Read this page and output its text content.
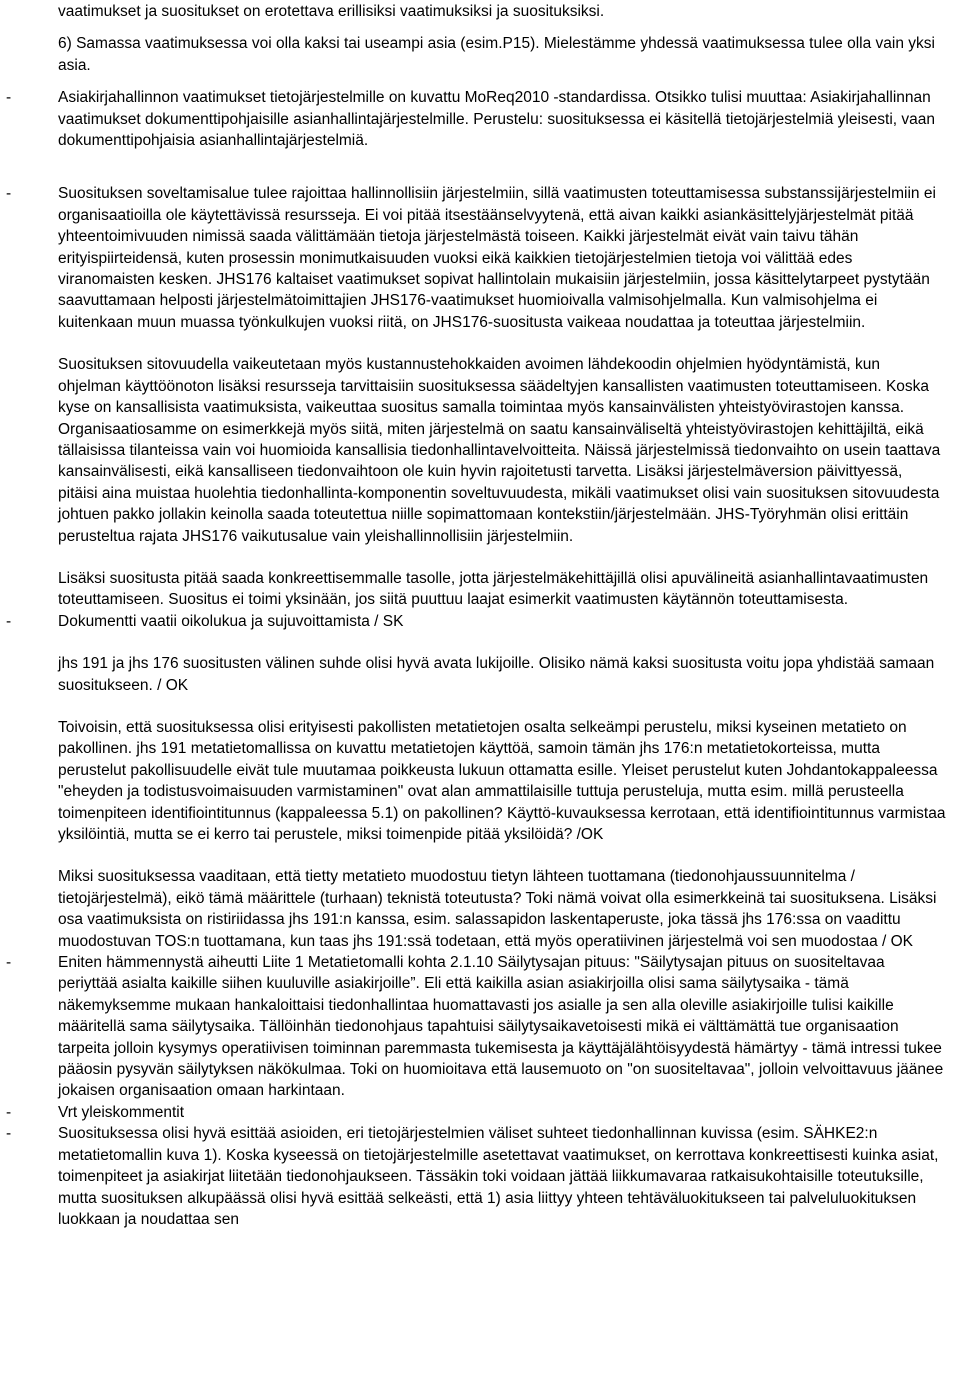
vaatimukset ja suositukset on erotettava erillisiksi vaatimuksiksi ja suosituksiksi.

6) Samassa vaatimuksessa voi olla kaksi tai useampi asia (esim.P15). Mielestämme yhdessä vaatimuksessa tulee olla vain yksi asia.

-	Asiakirjahallinnon vaatimukset tietojärjestelmille on kuvattu MoReq2010 -standardissa. Otsikko tulisi muuttaa: Asiakirjahallinnan vaatimukset dokumenttipohjaisille asianhallintajärjestelmille. Perustelu: suosituksessa ei käsitellä tietojärjestelmiä yleisesti, vaan dokumenttipohjaisia asianhallintajärjestelmiä.
-	Suosituksen soveltamisalue tulee rajoittaa hallinnollisiin järjestelmiin, sillä vaatimusten toteuttamisessa substanssijärjestelmiin ei organisaatioilla ole käytettävissä resursseja. Ei voi pitää itsestäänselvyytenä, että aivan kaikki asiankäsittelyjärjestelmät pitää yhteentoimivuuden nimissä saada välittämään tietoja järjestelmästä toiseen. Kaikki järjestelmät eivät vain taivu tähän erityispiirteidensä, kuten prosessin monimutkaisuuden vuoksi eikä kaikkien tietojärjestelmien tietoja voi välittää edes viranomaisten kesken. JHS176 kaltaiset vaatimukset sopivat hallintolain mukaisiin järjestelmiin, jossa käsittelytarpeet pystytään saavuttamaan helposti järjestelmätoimittajien JHS176-vaatimukset huomioivalla valmisohjelmalla. Kun valmisohjelma ei kuitenkaan muun muassa työnkulkujen vuoksi riitä, on JHS176-suositusta vaikeaa noudattaa ja toteuttaa järjestelmiin.

Suosituksen sitovuudella vaikeutetaan myös kustannustehokkaiden avoimen lähdekoodin ohjelmien hyödyntämistä, kun ohjelman käyttöönoton lisäksi resursseja tarvittaisiin suosituksessa säädeltyjen kansallisten vaatimusten toteuttamiseen. Koska kyse on kansallisista vaatimuksista, vaikeuttaa suositus samalla toimintaa myös kansainvälisten yhteistyövirastojen kanssa. Organisaatiosamme on esimerkkejä myös siitä, miten järjestelmä on saatu kansainväliseltä yhteistyövirastojen kehittäjiltä, eikä tällaisissa tilanteissa vain voi huomioida kansallisia tiedonhallintavelvoitteita. Näissä järjestelmissä tiedonvaihto on usein taattava kansainvälisesti, eikä kansalliseen tiedonvaihtoon ole kuin hyvin rajoitetusti tarvetta. Lisäksi järjestelmäversion päivittyessä, pitäisi aina muistaa huolehtia tiedonhallinta-komponentin soveltuvuudesta, mikäli vaatimukset olisi vain suosituksen sitovuudesta johtuen pakko jollakin keinolla saada toteutettua niille sopimattomaan kontekstiin/järjestelmään. JHS-Työryhmän olisi erittäin perusteltua rajata JHS176 vaikutusalue vain yleishallinnollisiin järjestelmiin.

Lisäksi suositusta pitää saada konkreettisemmalle tasolle, jotta järjestelmäkehittäjillä olisi apuvälineitä asianhallintavaatimusten toteuttamiseen. Suositus ei toimi yksinään, jos siitä puuttuu laajat esimerkit vaatimusten käytännön toteuttamisesta.

-	Dokumentti vaatii oikolukua ja sujuvoittamista / SK

jhs 191 ja jhs 176 suositusten välinen suhde olisi hyvä avata lukijoille. Olisiko nämä kaksi suositusta voitu jopa yhdistää samaan suositukseen. / OK

Toivoisin, että suosituksessa olisi erityisesti pakollisten metatietojen osalta selkeämpi perustelu, miksi kyseinen metatieto on pakollinen. jhs 191 metatietomallissa on kuvattu metatietojen käyttöä, samoin tämän jhs 176:n metatietokorteissa, mutta perustelut pakollisuudelle eivät tule muutamaa poikkeusta lukuun ottamatta esille. Yleiset perustelut kuten Johdantokappaleessa "eheyden ja todistusvoimaisuuden varmistaminen" ovat alan ammattilaisille tuttuja perusteluja, mutta esim. millä perusteella toimenpiteen identifiointitunnus (kappaleessa 5.1) on pakollinen? Käyttö-kuvauksessa kerrotaan, että identifiointitunnus varmistaa yksilöintiä, mutta se ei kerro tai perustele, miksi toimenpide pitää yksilöidä? /OK

Miksi suosituksessa vaaditaan, että tietty metatieto muodostuu tietyn lähteen tuottamana (tiedonohjaussuunnitelma / tietojärjestelmä), eikö tämä määrittele (turhaan) teknistä toteutusta? Toki nämä voivat olla esimerkkeinä tai suosituksena. Lisäksi osa vaatimuksista on ristiriidassa jhs 191:n kanssa, esim. salassapidon laskentaperuste, joka tässä jhs 176:ssa on vaadittu muodostuvan TOS:n tuottamana, kun taas jhs 191:ssä todetaan, että myös operatiivinen järjestelmä voi sen muodostaa / OK

-	Eniten hämmennystä aiheutti Liite 1 Metatietomalli kohta 2.1.10 Säilytysajan pituus: "Säilytysajan pituus on suositeltavaa periyttää asialta kaikille siihen kuuluville asiakirjoille”. Eli että kaikilla asian asiakirjoilla olisi sama säilytysaika - tämä näkemyksemme mukaan hankaloittaisi tiedonhallintaa huomattavasti jos asialle ja sen alla oleville asiakirjoille tulisi kaikille määritellä sama säilytysaika. Tällöinhän tiedonohjaus tapahtuisi säilytysaikavetoisesti mikä ei välttämättä tue organisaation tarpeita jolloin kysymys operatiivisen toiminnan paremmasta tukemisesta ja käyttäjälähtöisyydestä hämärtyy - tämä intressi tukee pääosin pysyvän säilytyksen näkökulmaa. Toki on huomioitava että lausemuoto on "on suositeltavaa", jolloin velvoittavuus jäänee jokaisen organisaation omaan harkintaan.
-	Vrt yleiskommentit
-	Suosituksessa olisi hyvä esittää asioiden, eri tietojärjestelmien väliset suhteet tiedonhallinnan kuvissa (esim. SÄHKE2:n metatietomallin kuva 1). Koska kyseessä on tietojärjestelmille asetettavat vaatimukset, on kerrottava konkreettisesti kuinka asiat, toimenpiteet ja asiakirjat liitetään tiedonohjaukseen. Tässäkin toki voidaan jättää liikkumavaraa ratkaisukohtaisille toteutuksille, mutta suosituksen alkupäässä olisi hyvä esittää selkeästi, että 1) asia liittyy yhteen tehtäväluokitukseen tai palveluluokituksen luokkaan ja noudattaa sen
